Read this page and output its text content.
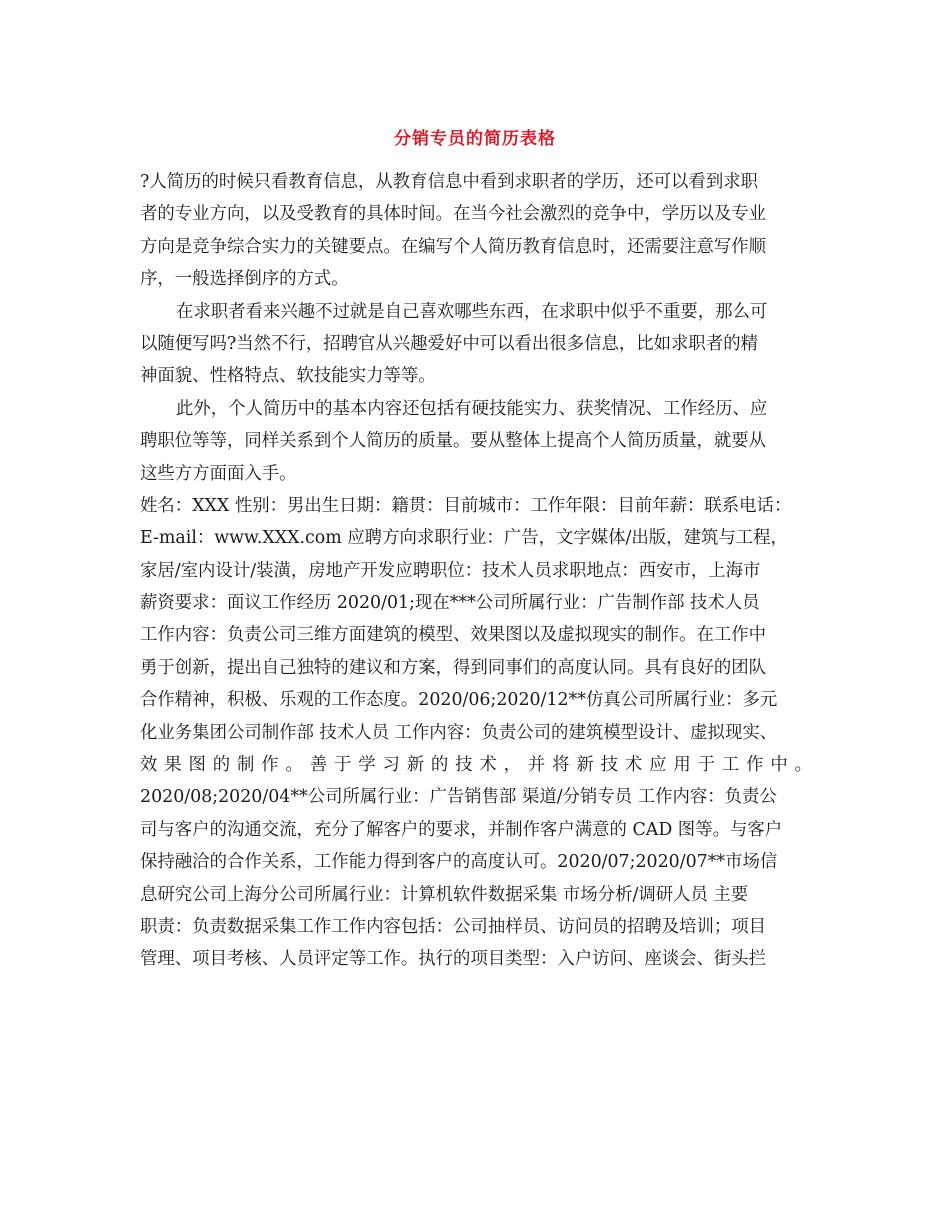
分销专员的简历表格
?人简历的时候只看教育信息，从教育信息中看到求职者的学历，还可以看到求职
者的专业方向，以及受教育的具体时间。在当今社会激烈的竞争中，学历以及专业
方向是竞争综合实力的关键要点。在编写个人简历教育信息时，还需要注意写作顺
序，一般选择倒序的方式。
在求职者看来兴趣不过就是自己喜欢哪些东西，在求职中似乎不重要，那么可
以随便写吗?当然不行，招聘官从兴趣爱好中可以看出很多信息，比如求职者的精
神面貌、性格特点、软技能实力等等。
此外，个人简历中的基本内容还包括有硬技能实力、获奖情况、工作经历、应
聘职位等等，同样关系到个人简历的质量。要从整体上提高个人简历质量，就要从
这些方方面面入手。
姓名：XXX 性别：男出生日期：籍贯：目前城市：工作年限：目前年薪：联系电话：
E-mail：www.XXX.com 应聘方向求职行业：广告，文字媒体/出版，建筑与工程，
家居/室内设计/装潢，房地产开发应聘职位：技术人员求职地点：西安市，上海市
薪资要求：面议工作经历 2020/01;现在***公司所属行业：广告制作部 技术人员
工作内容：负责公司三维方面建筑的模型、效果图以及虚拟现实的制作。在工作中
勇于创新，提出自己独特的建议和方案，得到同事们的高度认同。具有良好的团队
合作精神，积极、乐观的工作态度。2020/06;2020/12**仿真公司所属行业：多元
化业务集团公司制作部 技术人员 工作内容：负责公司的建筑模型设计、虚拟现实、
效 果 图 的 制 作 。 善 于 学 习 新 的 技 术 ， 并 将 新 技 术 应 用 于 工 作 中 。
2020/08;2020/04**公司所属行业：广告销售部 渠道/分销专员 工作内容：负责公
司与客户的沟通交流，充分了解客户的要求，并制作客户满意的 CAD 图等。与客户
保持融洽的合作关系，工作能力得到客户的高度认可。2020/07;2020/07**市场信
息研究公司上海分公司所属行业：计算机软件数据采集 市场分析/调研人员 主要
职责：负责数据采集工作工作内容包括：公司抽样员、访问员的招聘及培训；项目
管理、项目考核、人员评定等工作。执行的项目类型：入户访问、座谈会、街头拦
